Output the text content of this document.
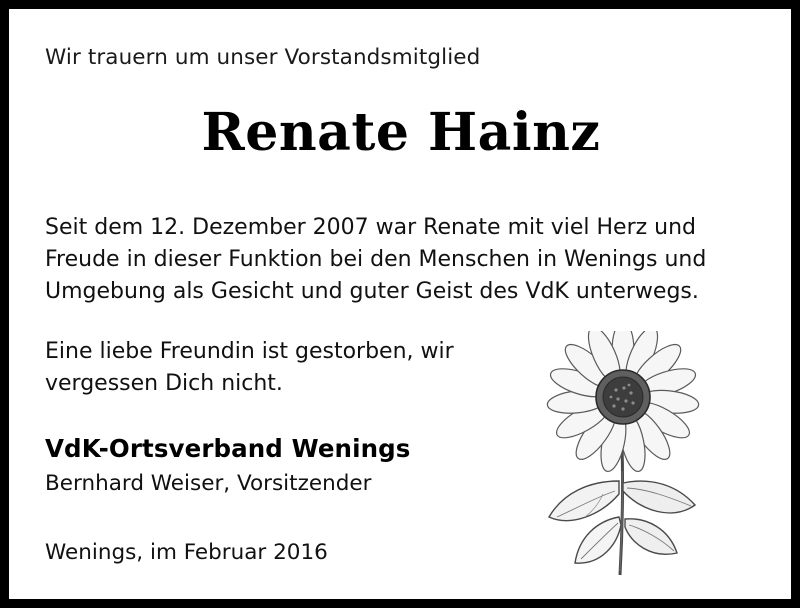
Wir trauern um unser Vorstandsmitglied
Renate Hainz

Seit dem 12. Dezember 2007 war Renate mit viel Herz und Freude in dieser Funktion bei den Menschen in Wenings und Umgebung als Gesicht und guter Geist des VdK unterwegs.

Eine liebe Freundin ist gestorben, wir vergessen Dich nicht.

VdK-Ortsverband Wenings
Bernhard Weiser, Vorsitzender
Wenings, im Februar 2016
